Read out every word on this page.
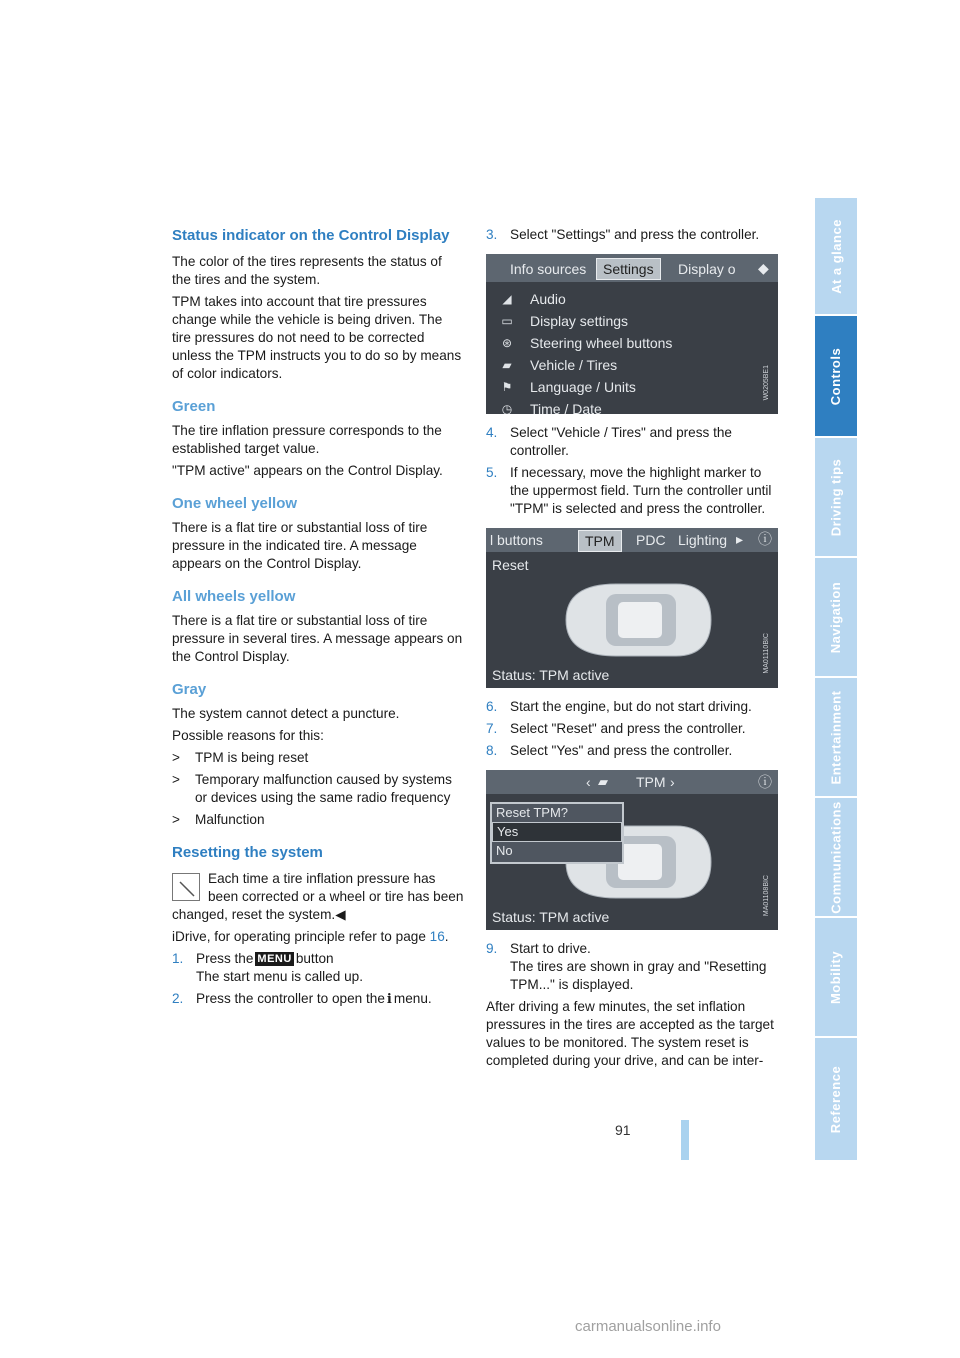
Status indicator on the Control Display

The color of the tires represents the status of the tires and the system.

TPM takes into account that tire pressures change while the vehicle is being driven. The tire pressures do not need to be corrected unless the TPM instructs you to do so by means of color indicators.

Green

The tire inflation pressure corresponds to the established target value.

"TPM active" appears on the Control Display.

One wheel yellow

There is a flat tire or substantial loss of tire pressure in the indicated tire. A message appears on the Control Display.

All wheels yellow

There is a flat tire or substantial loss of tire pressure in several tires. A message appears on the Control Display.

Gray

The system cannot detect a puncture.

Possible reasons for this:

>	TPM is being reset
>	Temporary malfunction caused by systems or devices using the same radio frequency
>	Malfunction
Resetting the system
Each time a tire inflation pressure has been corrected or a wheel or tire has been
changed, reset the system.◀

iDrive, for operating principle refer to page 16.

1. Press the MENU button
The start menu is called up.
2. Press the controller to open the i menu.
3. Select "Settings" and press the controller.
Info sources	Settings	Display o ◆
◢	Audio
▭	Display settings
⊛	Steering wheel buttons
▰	Vehicle / Tires
⚑	Language / Units
◷	Time / Date
W0205BE1
4. Select "Vehicle / Tires" and press the controller.
5. If necessary, move the highlight marker to the uppermost field. Turn the controller until "TPM" is selected and press the controller.
l buttons	TPM	PDC Lighting ▸ ⓘ
Reset
Status: TPM active
MA01110BIC
6. Start the engine, but do not start driving.
7. Select "Reset" and press the controller.
8. Select "Yes" and press the controller.
‹ ▰ TPM ›	ⓘ
Reset TPM?
Yes
No
Status: TPM active
MA01108BIC
9. Start to drive.
The tires are shown in gray and "Resetting TPM..." is displayed.

After driving a few minutes, the set inflation pressures in the tires are accepted as the target values to be monitored. The system reset is completed during your drive, and can be inter-

At a glance
Controls
Driving tips
Navigation
Entertainment
Communications
Mobility
Reference
91
carmanualsonline.info
